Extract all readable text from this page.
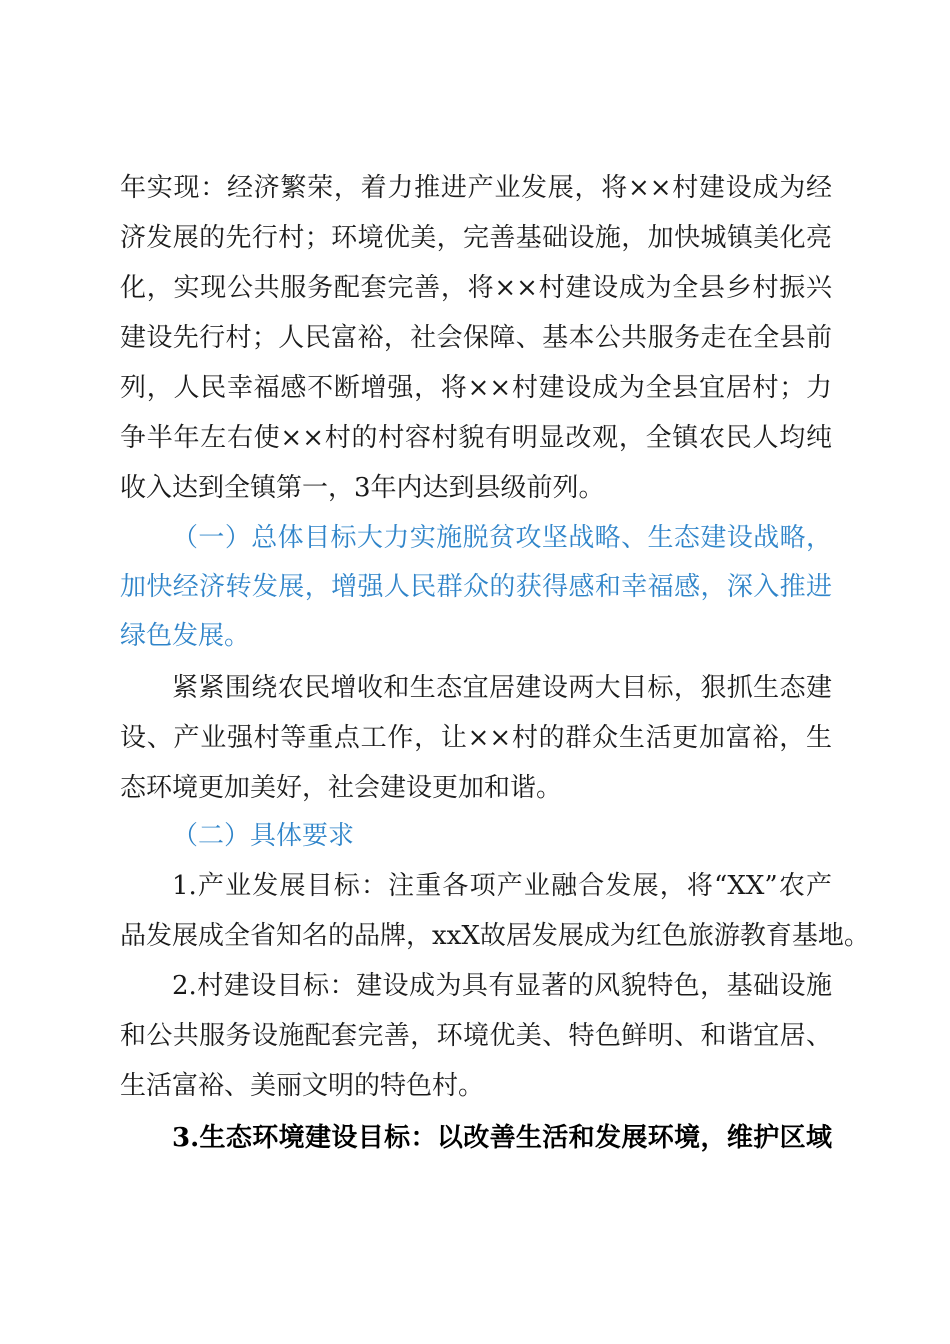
年实现：经济繁荣，着力推进产业发展，将××村建设成为经
济发展的先行村；环境优美，完善基础设施，加快城镇美化亮
化，实现公共服务配套完善，将××村建设成为全县乡村振兴
建设先行村；人民富裕，社会保障、基本公共服务走在全县前
列，人民幸福感不断增强，将××村建设成为全县宜居村；力
争半年左右使××村的村容村貌有明显改观，全镇农民人均纯
收入达到全镇第一，3年内达到县级前列。
（一）总体目标大力实施脱贫攻坚战略、生态建设战略，
加快经济转发展，增强人民群众的获得感和幸福感，深入推进
绿色发展。
紧紧围绕农民增收和生态宜居建设两大目标，狠抓生态建
设、产业强村等重点工作，让××村的群众生活更加富裕，生
态环境更加美好，社会建设更加和谐。
（二）具体要求
1.产业发展目标：注重各项产业融合发展，将“XX”农产
品发展成全省知名的品牌，xxX故居发展成为红色旅游教育基地。
2.村建设目标：建设成为具有显著的风貌特色，基础设施
和公共服务设施配套完善，环境优美、特色鲜明、和谐宜居、
生活富裕、美丽文明的特色村。
3.生态环境建设目标：以改善生活和发展环境，维护区域
